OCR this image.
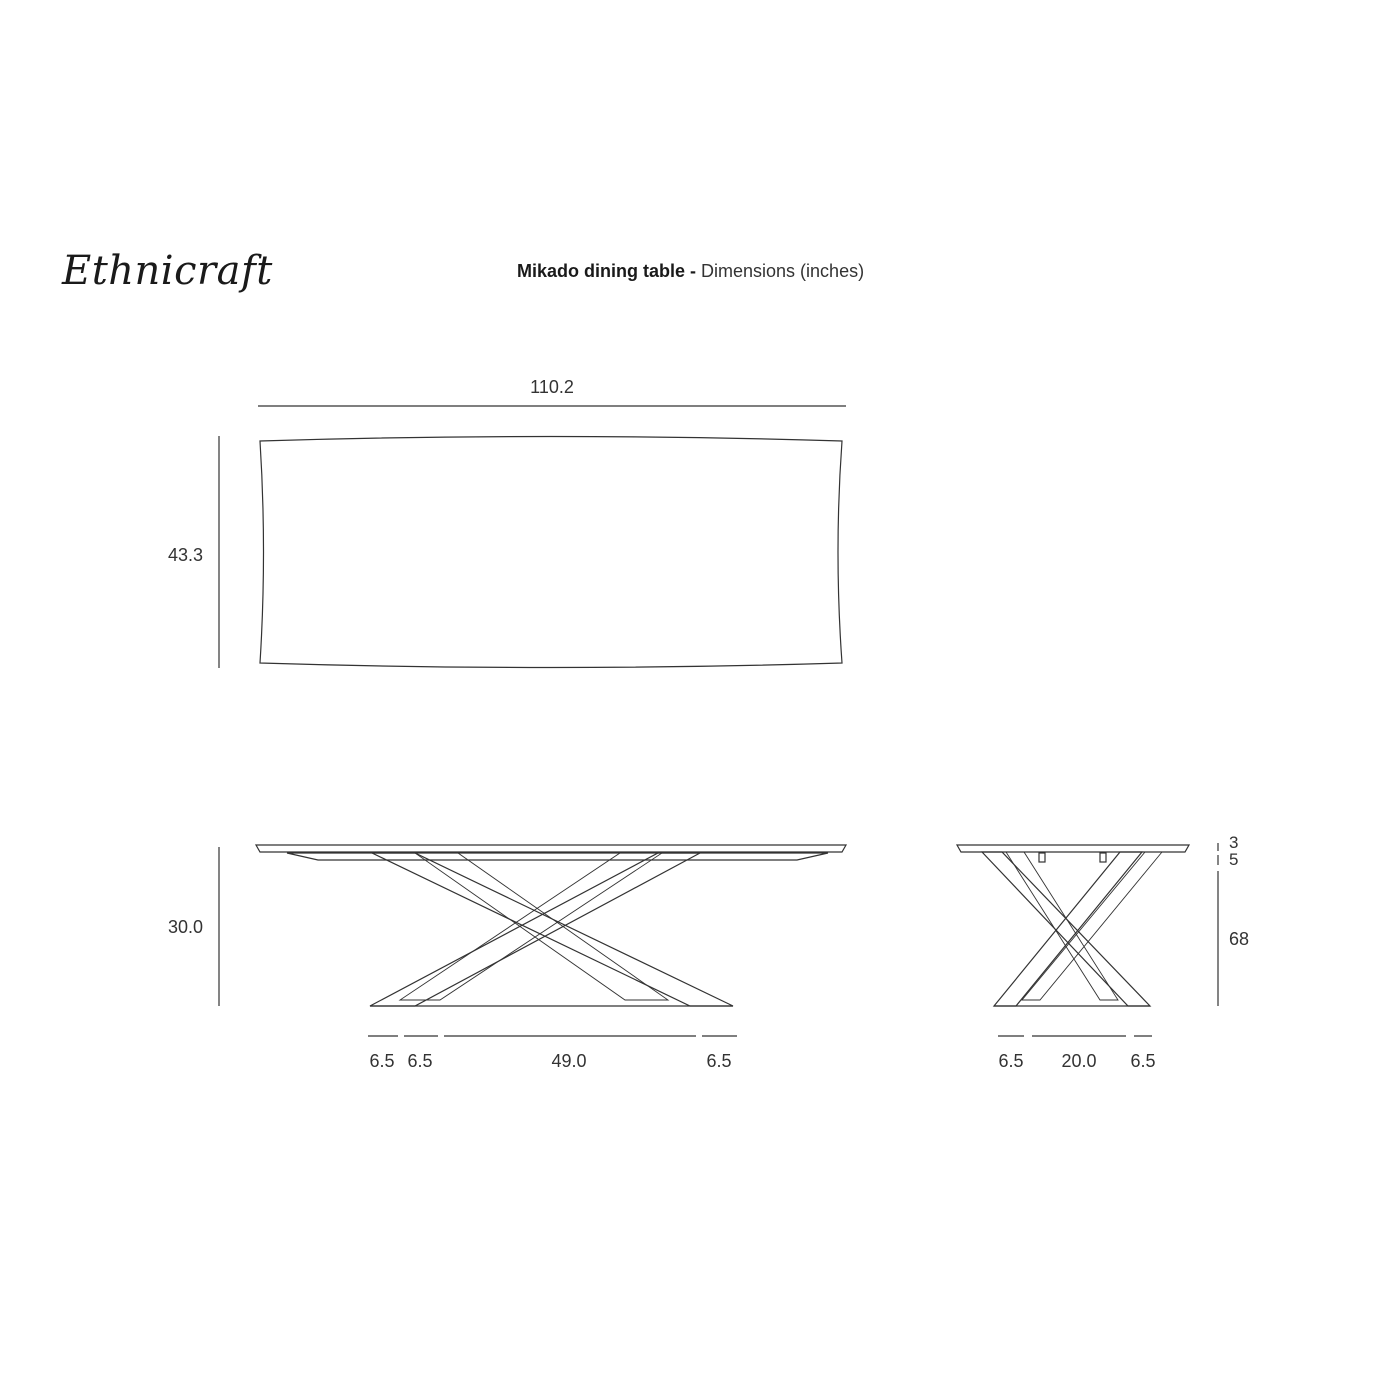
Ethnicraft	Mikado dining table - Dimensions (inches)
110.2
43.3
30.0
6.5 6.5	49.0	6.5
3
5
68
6.5 20.0 6.5
